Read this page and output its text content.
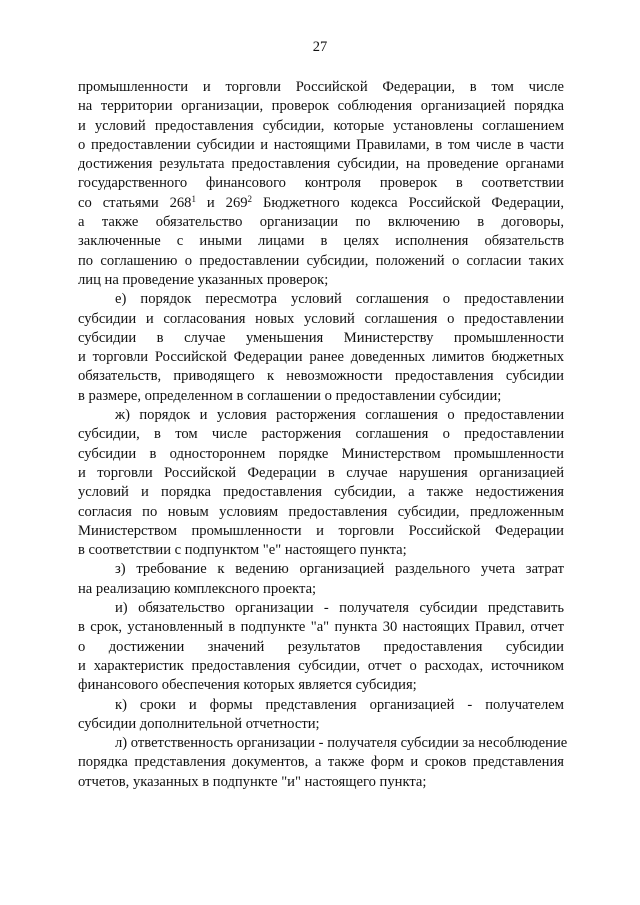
27
промышленности и торговли Российской Федерации, в том числе
на территории организации, проверок соблюдения организацией порядка
и условий предоставления субсидии, которые установлены соглашением
о предоставлении субсидии и настоящими Правилами, в том числе в части
достижения результата предоставления субсидии, на проведение органами
государственного финансового контроля проверок в соответствии
со статьями $268^1$ и $269^2$ Бюджетного кодекса Российской Федерации,
а также обязательство организации по включению в договоры,
заключенные с иными лицами в целях исполнения обязательств
по соглашению о предоставлении субсидии, положений о согласии таких
лиц на проведение указанных проверок;
е) порядок пересмотра условий соглашения о предоставлении
субсидии и согласования новых условий соглашения о предоставлении
субсидии в случае уменьшения Министерству промышленности
и торговли Российской Федерации ранее доведенных лимитов бюджетных
обязательств, приводящего к невозможности предоставления субсидии
в размере, определенном в соглашении о предоставлении субсидии;
ж) порядок и условия расторжения соглашения о предоставлении
субсидии, в том числе расторжения соглашения о предоставлении
субсидии в одностороннем порядке Министерством промышленности
и торговли Российской Федерации в случае нарушения организацией
условий и порядка предоставления субсидии, а также недостижения
согласия по новым условиям предоставления субсидии, предложенным
Министерством промышленности и торговли Российской Федерации
в соответствии с подпунктом "е" настоящего пункта;
з) требование к ведению организацией раздельного учета затрат
на реализацию комплексного проекта;
и) обязательство организации - получателя субсидии представить
в срок, установленный в подпункте "а" пункта 30 настоящих Правил, отчет
о достижении значений результатов предоставления субсидии
и характеристик предоставления субсидии, отчет о расходах, источником
финансового обеспечения которых является субсидия;
к) сроки и формы представления организацией - получателем
субсидии дополнительной отчетности;
л) ответственность организации - получателя субсидии за несоблюдение
порядка представления документов, а также форм и сроков представления
отчетов, указанных в подпункте "и" настоящего пункта;
